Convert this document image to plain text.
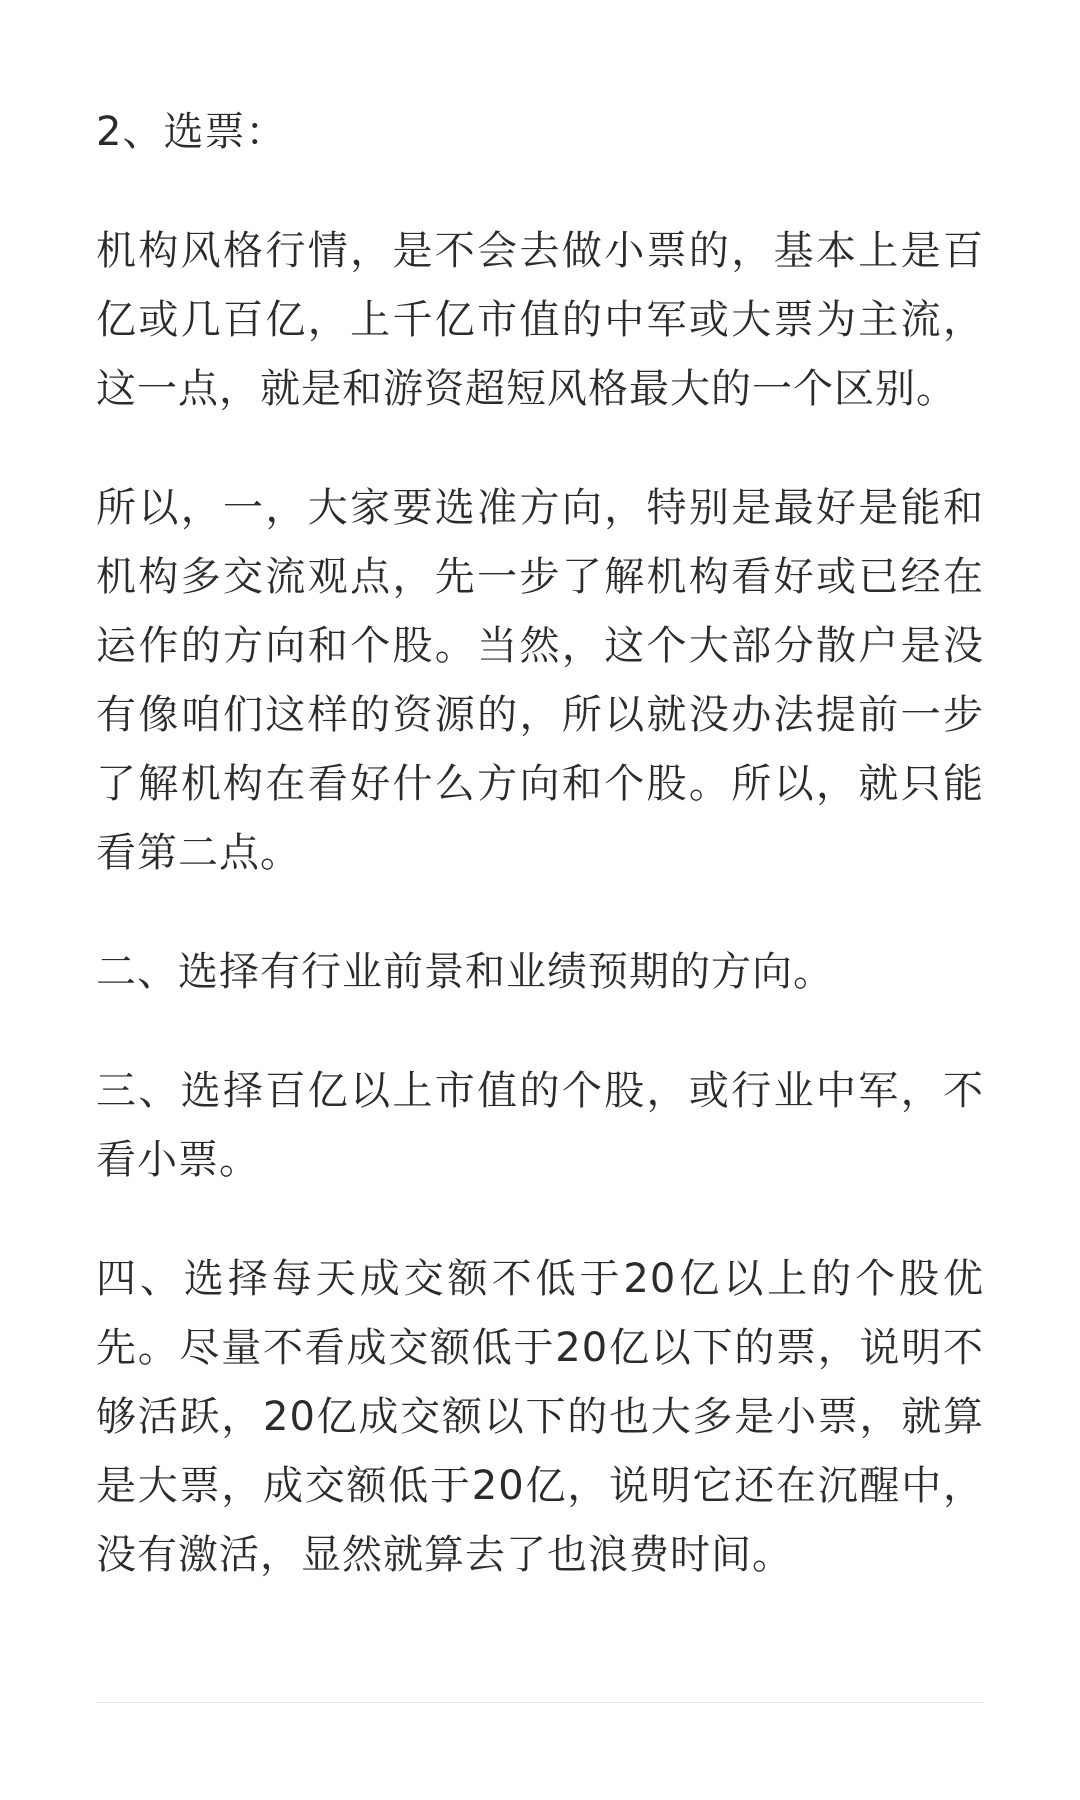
2、选票：

机构风格行情，是不会去做小票的，基本上是百亿或几百亿，上千亿市值的中军或大票为主流，这一点，就是和游资超短风格最大的一个区别。

所以，一，大家要选准方向，特别是最好是能和机构多交流观点，先一步了解机构看好或已经在运作的方向和个股。当然，这个大部分散户是没有像咱们这样的资源的，所以就没办法提前一步了解机构在看好什么方向和个股。所以，就只能看第二点。

二、选择有行业前景和业绩预期的方向。

三、选择百亿以上市值的个股，或行业中军，不看小票。

四、选择每天成交额不低于20亿以上的个股优先。尽量不看成交额低于20亿以下的票，说明不够活跃，20亿成交额以下的也大多是小票，就算是大票，成交额低于20亿，说明它还在沉醒中，没有激活，显然就算去了也浪费时间。
